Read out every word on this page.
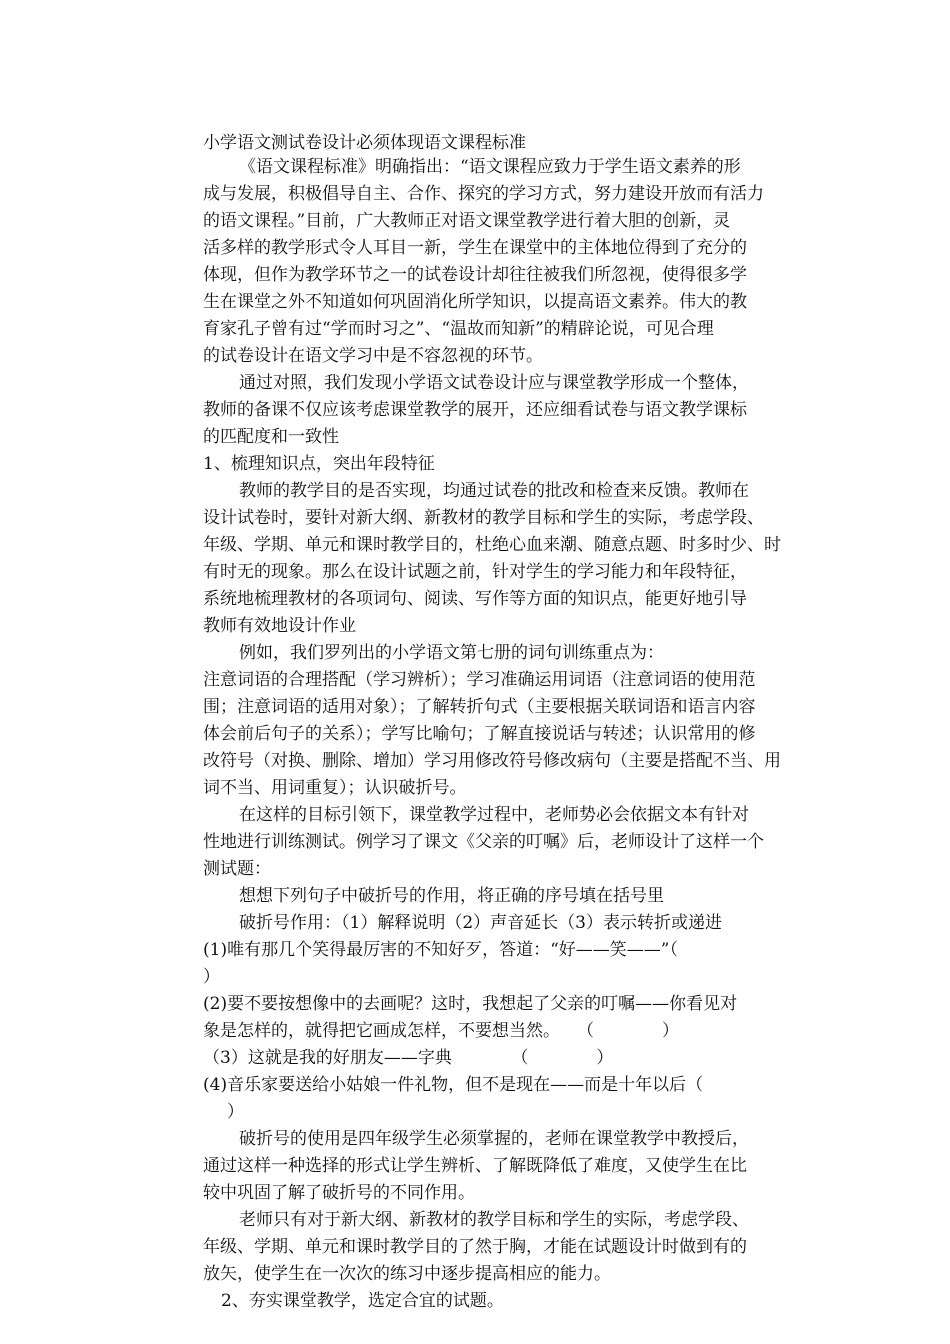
小学语文测试卷设计必须体现语文课程标准
《语文课程标准》明确指出：“语文课程应致力于学生语文素养的形
成与发展，积极倡导自主、合作、探究的学习方式，努力建设开放而有活力
的语文课程。”目前，广大教师正对语文课堂教学进行着大胆的创新，灵
活多样的教学形式令人耳目一新，学生在课堂中的主体地位得到了充分的
体现，但作为教学环节之一的试卷设计却往往被我们所忽视，使得很多学
生在课堂之外不知道如何巩固消化所学知识，以提高语文素养。伟大的教
育家孔子曾有过“学而时习之”、“温故而知新”的精辟论说，可见合理
的试卷设计在语文学习中是不容忽视的环节。
通过对照，我们发现小学语文试卷设计应与课堂教学形成一个整体，
教师的备课不仅应该考虑课堂教学的展开，还应细看试卷与语文教学课标
的匹配度和一致性
1、梳理知识点，突出年段特征
教师的教学目的是否实现，均通过试卷的批改和检查来反馈。教师在
设计试卷时，要针对新大纲、新教材的教学目标和学生的实际，考虑学段、
年级、学期、单元和课时教学目的，杜绝心血来潮、随意点题、时多时少、时
有时无的现象。那么在设计试题之前，针对学生的学习能力和年段特征，
系统地梳理教材的各项词句、阅读、写作等方面的知识点，能更好地引导
教师有效地设计作业
例如，我们罗列出的小学语文第七册的词句训练重点为：
注意词语的合理搭配（学习辨析）；学习准确运用词语（注意词语的使用范
围；注意词语的适用对象）；了解转折句式（主要根据关联词语和语言内容
体会前后句子的关系）；学写比喻句；了解直接说话与转述；认识常用的修
改符号（对换、删除、增加）学习用修改符号修改病句（主要是搭配不当、用
词不当、用词重复）；认识破折号。
在这样的目标引领下，课堂教学过程中，老师势必会依据文本有针对
性地进行训练测试。例学习了课文《父亲的叮嘱》后，老师设计了这样一个
测试题：
想想下列句子中破折号的作用，将正确的序号填在括号里
破折号作用：（1）解释说明（2）声音延长（3）表示转折或递进
(1)唯有那几个笑得最厉害的不知好歹，答道：“好——笑——”（
）
(2)要不要按想像中的去画呢？这时，我想起了父亲的叮嘱——你看见对
象是怎样的，就得把它画成怎样，不要想当然。　　（　　　　）
（3）这就是我的好朋友——字典　　　　（　　　　）
(4)音乐家要送给小姑娘一件礼物，但不是现在——而是十年以后（
）
破折号的使用是四年级学生必须掌握的，老师在课堂教学中教授后，
通过这样一种选择的形式让学生辨析、了解既降低了难度，又使学生在比
较中巩固了解了破折号的不同作用。
老师只有对于新大纲、新教材的教学目标和学生的实际，考虑学段、
年级、学期、单元和课时教学目的了然于胸，才能在试题设计时做到有的
放矢，使学生在一次次的练习中逐步提高相应的能力。
2、夯实课堂教学，选定合宜的试题。
